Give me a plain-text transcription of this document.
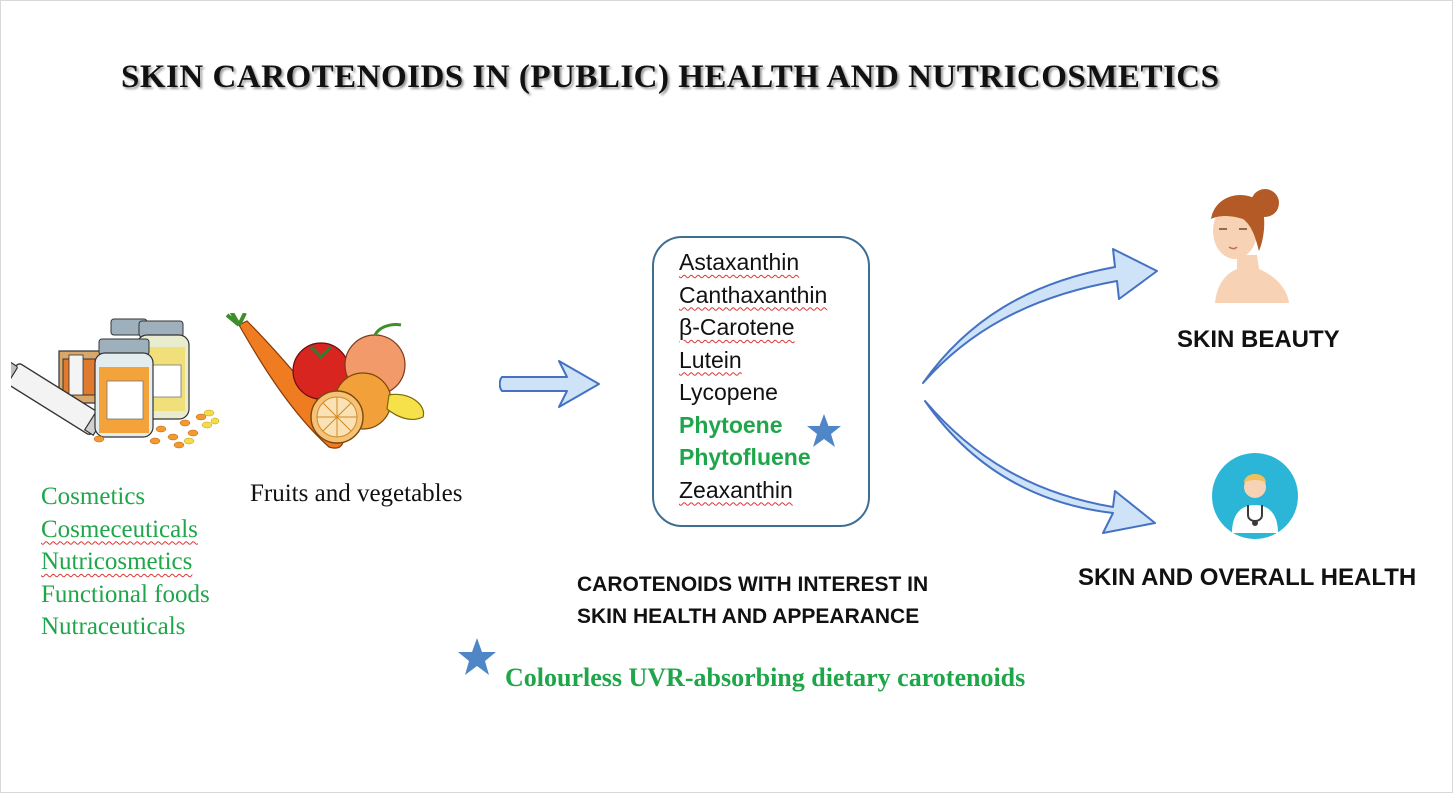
SKIN CAROTENOIDS IN (PUBLIC) HEALTH AND NUTRICOSMETICS
Cosmetics
Cosmeceuticals
Nutricosmetics
Functional foods
Nutraceuticals
Fruits and vegetables
Astaxanthin
Canthaxanthin
β-Carotene
Lutein
Lycopene
Phytoene
Phytofluene
Zeaxanthin
CAROTENOIDS WITH INTEREST IN
SKIN HEALTH AND APPEARANCE
SKIN BEAUTY
SKIN AND OVERALL HEALTH
Colourless UVR-absorbing dietary carotenoids
